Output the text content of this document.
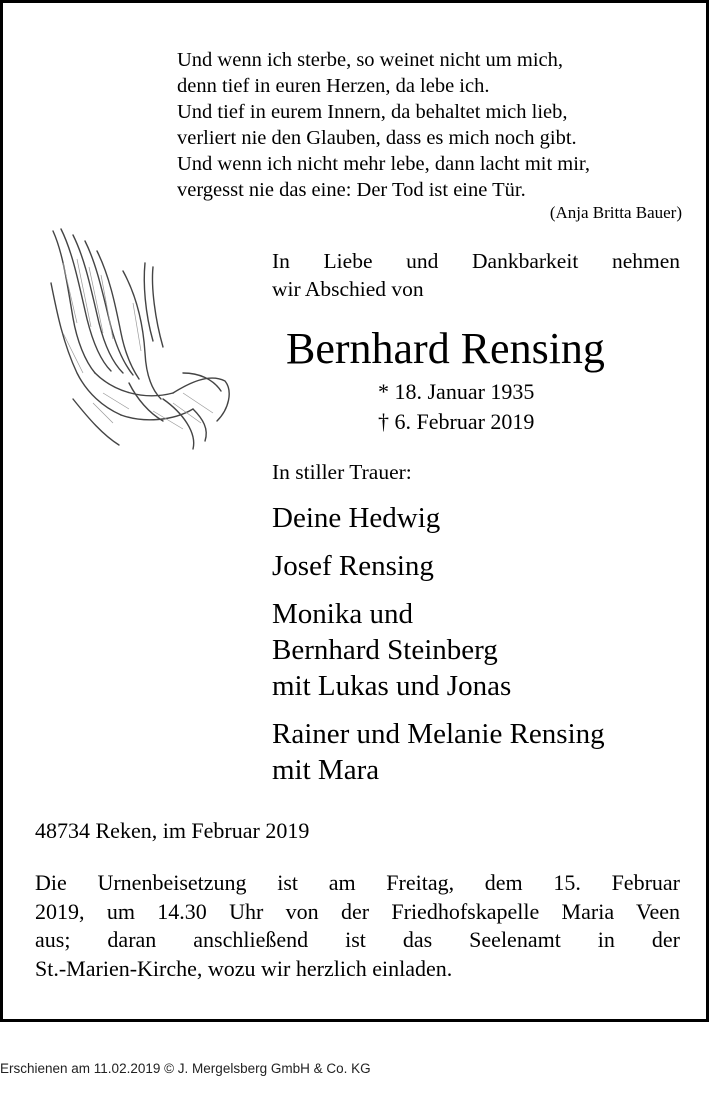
Und wenn ich sterbe, so weinet nicht um mich,
denn tief in euren Herzen, da lebe ich.
Und tief in eurem Innern, da behaltet mich lieb,
verliert nie den Glauben, dass es mich noch gibt.
Und wenn ich nicht mehr lebe, dann lacht mit mir,
vergesst nie das eine: Der Tod ist eine Tür.
(Anja Britta Bauer)
In Liebe und Dankbarkeit nehmen
wir Abschied von
Bernhard Rensing
* 18. Januar 1935
† 6. Februar 2019
In stiller Trauer:
Deine Hedwig
Josef Rensing
Monika und
Bernhard Steinberg
mit Lukas und Jonas
Rainer und Melanie Rensing
mit Mara
48734 Reken, im Februar 2019
Die Urnenbeisetzung ist am Freitag, dem 15. Februar
2019, um 14.30 Uhr von der Friedhofskapelle Maria Veen
aus; daran anschließend ist das Seelenamt in der
St.-Marien-Kirche, wozu wir herzlich einladen.
Erschienen am 11.02.2019 © J. Mergelsberg GmbH & Co. KG
